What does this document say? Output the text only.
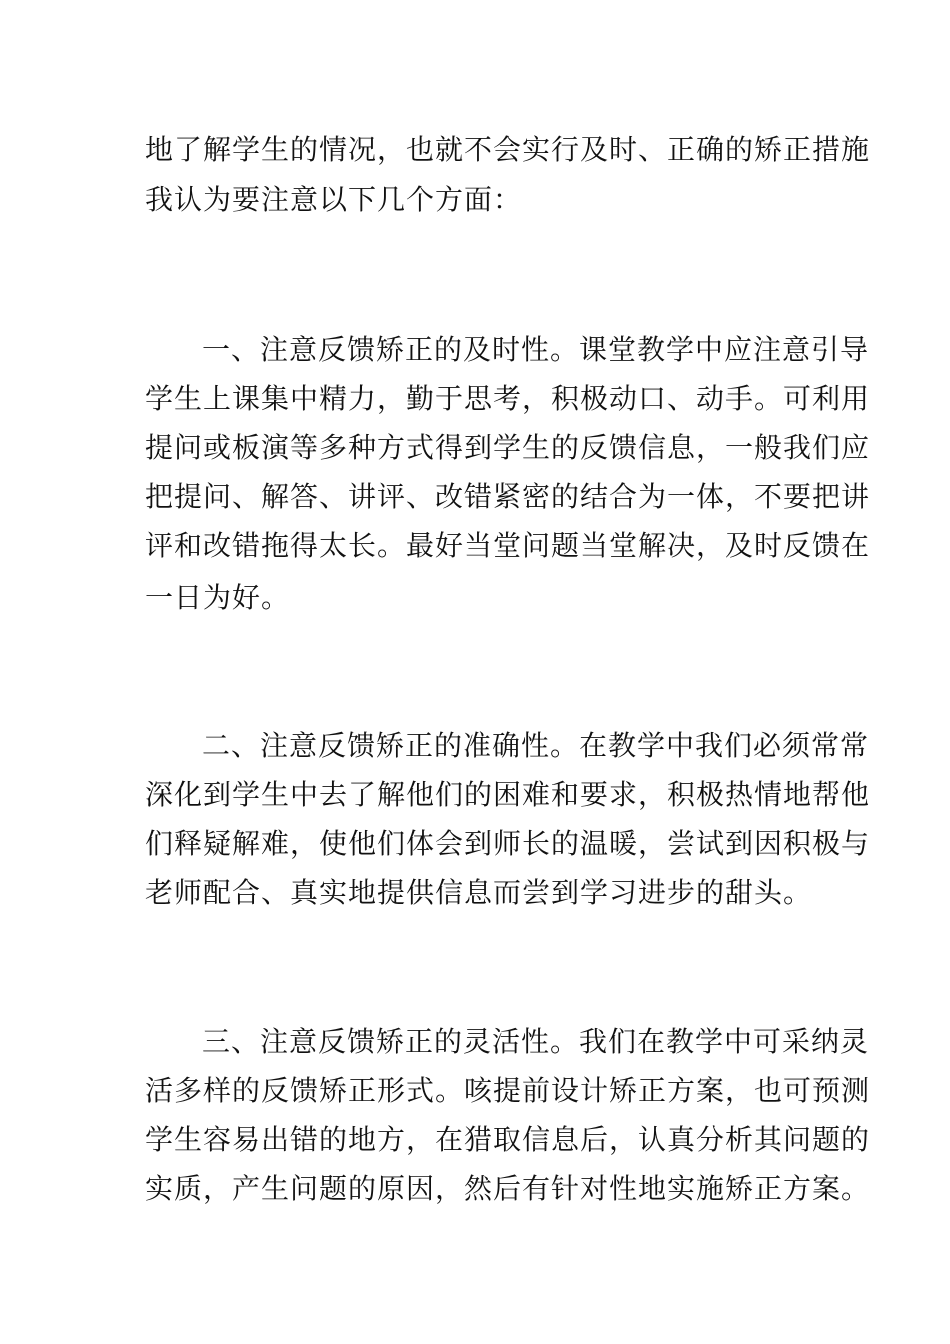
地了解学生的情况，也就不会实行及时、正确的矫正措施
我认为要注意以下几个方面：
一、注意反馈矫正的及时性。课堂教学中应注意引导
学生上课集中精力，勤于思考，积极动口、动手。可利用
提问或板演等多种方式得到学生的反馈信息，一般我们应
把提问、解答、讲评、改错紧密的结合为一体，不要把讲
评和改错拖得太长。最好当堂问题当堂解决，及时反馈在
一日为好。
二、注意反馈矫正的准确性。在教学中我们必须常常
深化到学生中去了解他们的困难和要求，积极热情地帮他
们释疑解难，使他们体会到师长的温暖，尝试到因积极与
老师配合、真实地提供信息而尝到学习进步的甜头。
三、注意反馈矫正的灵活性。我们在教学中可采纳灵
活多样的反馈矫正形式。咳提前设计矫正方案，也可预测
学生容易出错的地方，在猎取信息后，认真分析其问题的
实质，产生问题的原因，然后有针对性地实施矫正方案。
